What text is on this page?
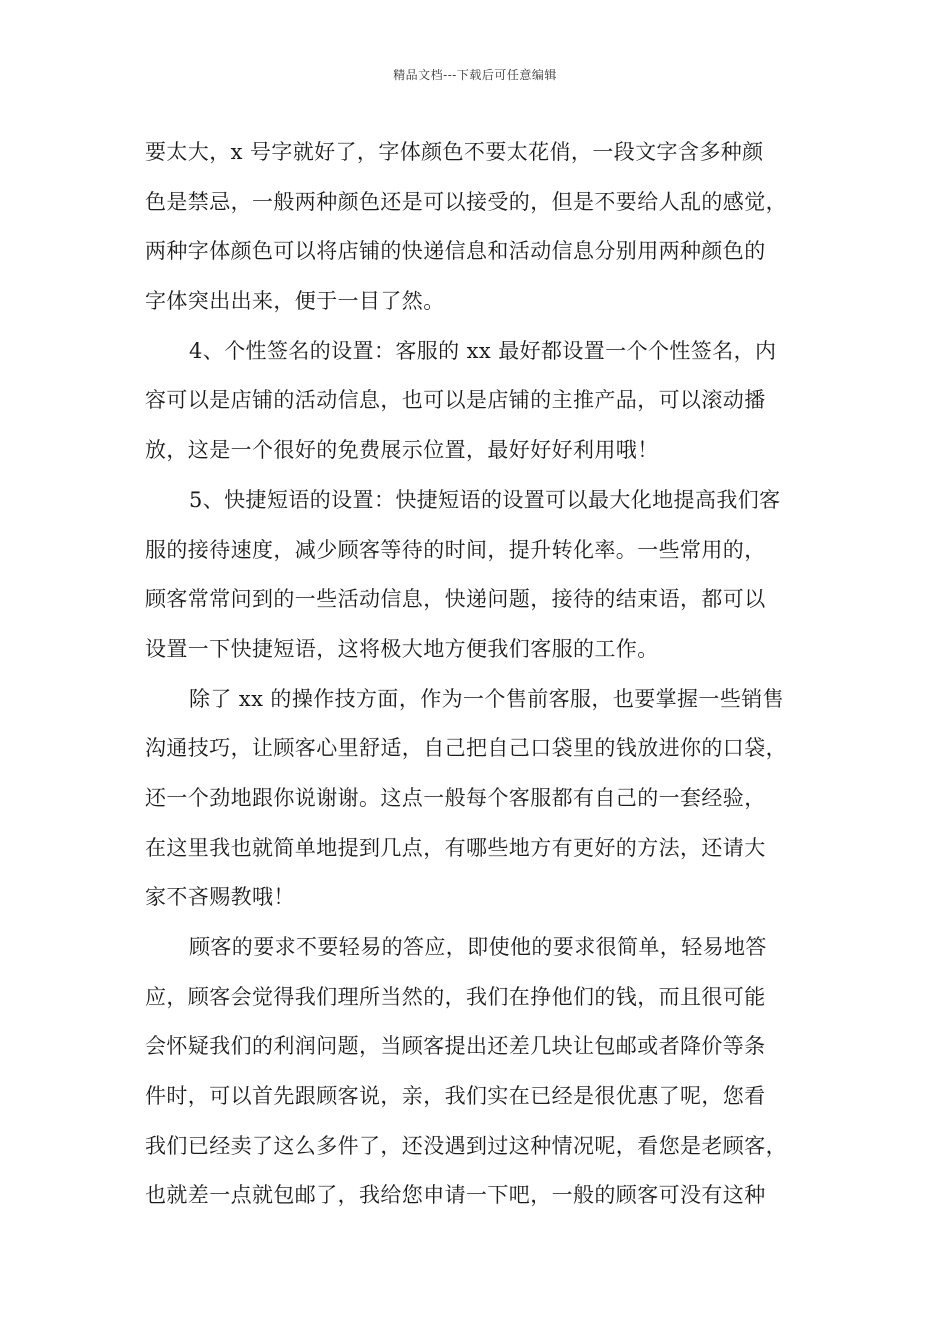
精品文档---下载后可任意编辑
要太大，x 号字就好了，字体颜色不要太花俏，一段文字含多种颜
色是禁忌，一般两种颜色还是可以接受的，但是不要给人乱的感觉，
两种字体颜色可以将店铺的快递信息和活动信息分别用两种颜色的
字体突出出来，便于一目了然。
4、个性签名的设置：客服的 xx 最好都设置一个个性签名，内
容可以是店铺的活动信息，也可以是店铺的主推产品，可以滚动播
放，这是一个很好的免费展示位置，最好好好利用哦！
5、快捷短语的设置：快捷短语的设置可以最大化地提高我们客
服的接待速度，减少顾客等待的时间，提升转化率。一些常用的，
顾客常常问到的一些活动信息，快递问题，接待的结束语，都可以
设置一下快捷短语，这将极大地方便我们客服的工作。
除了 xx 的操作技方面，作为一个售前客服，也要掌握一些销售
沟通技巧，让顾客心里舒适，自己把自己口袋里的钱放进你的口袋，
还一个劲地跟你说谢谢。这点一般每个客服都有自己的一套经验，
在这里我也就简单地提到几点，有哪些地方有更好的方法，还请大
家不吝赐教哦！
顾客的要求不要轻易的答应，即使他的要求很简单，轻易地答
应，顾客会觉得我们理所当然的，我们在挣他们的钱，而且很可能
会怀疑我们的利润问题，当顾客提出还差几块让包邮或者降价等条
件时，可以首先跟顾客说，亲，我们实在已经是很优惠了呢，您看
我们已经卖了这么多件了，还没遇到过这种情况呢，看您是老顾客，
也就差一点就包邮了，我给您申请一下吧，一般的顾客可没有这种
